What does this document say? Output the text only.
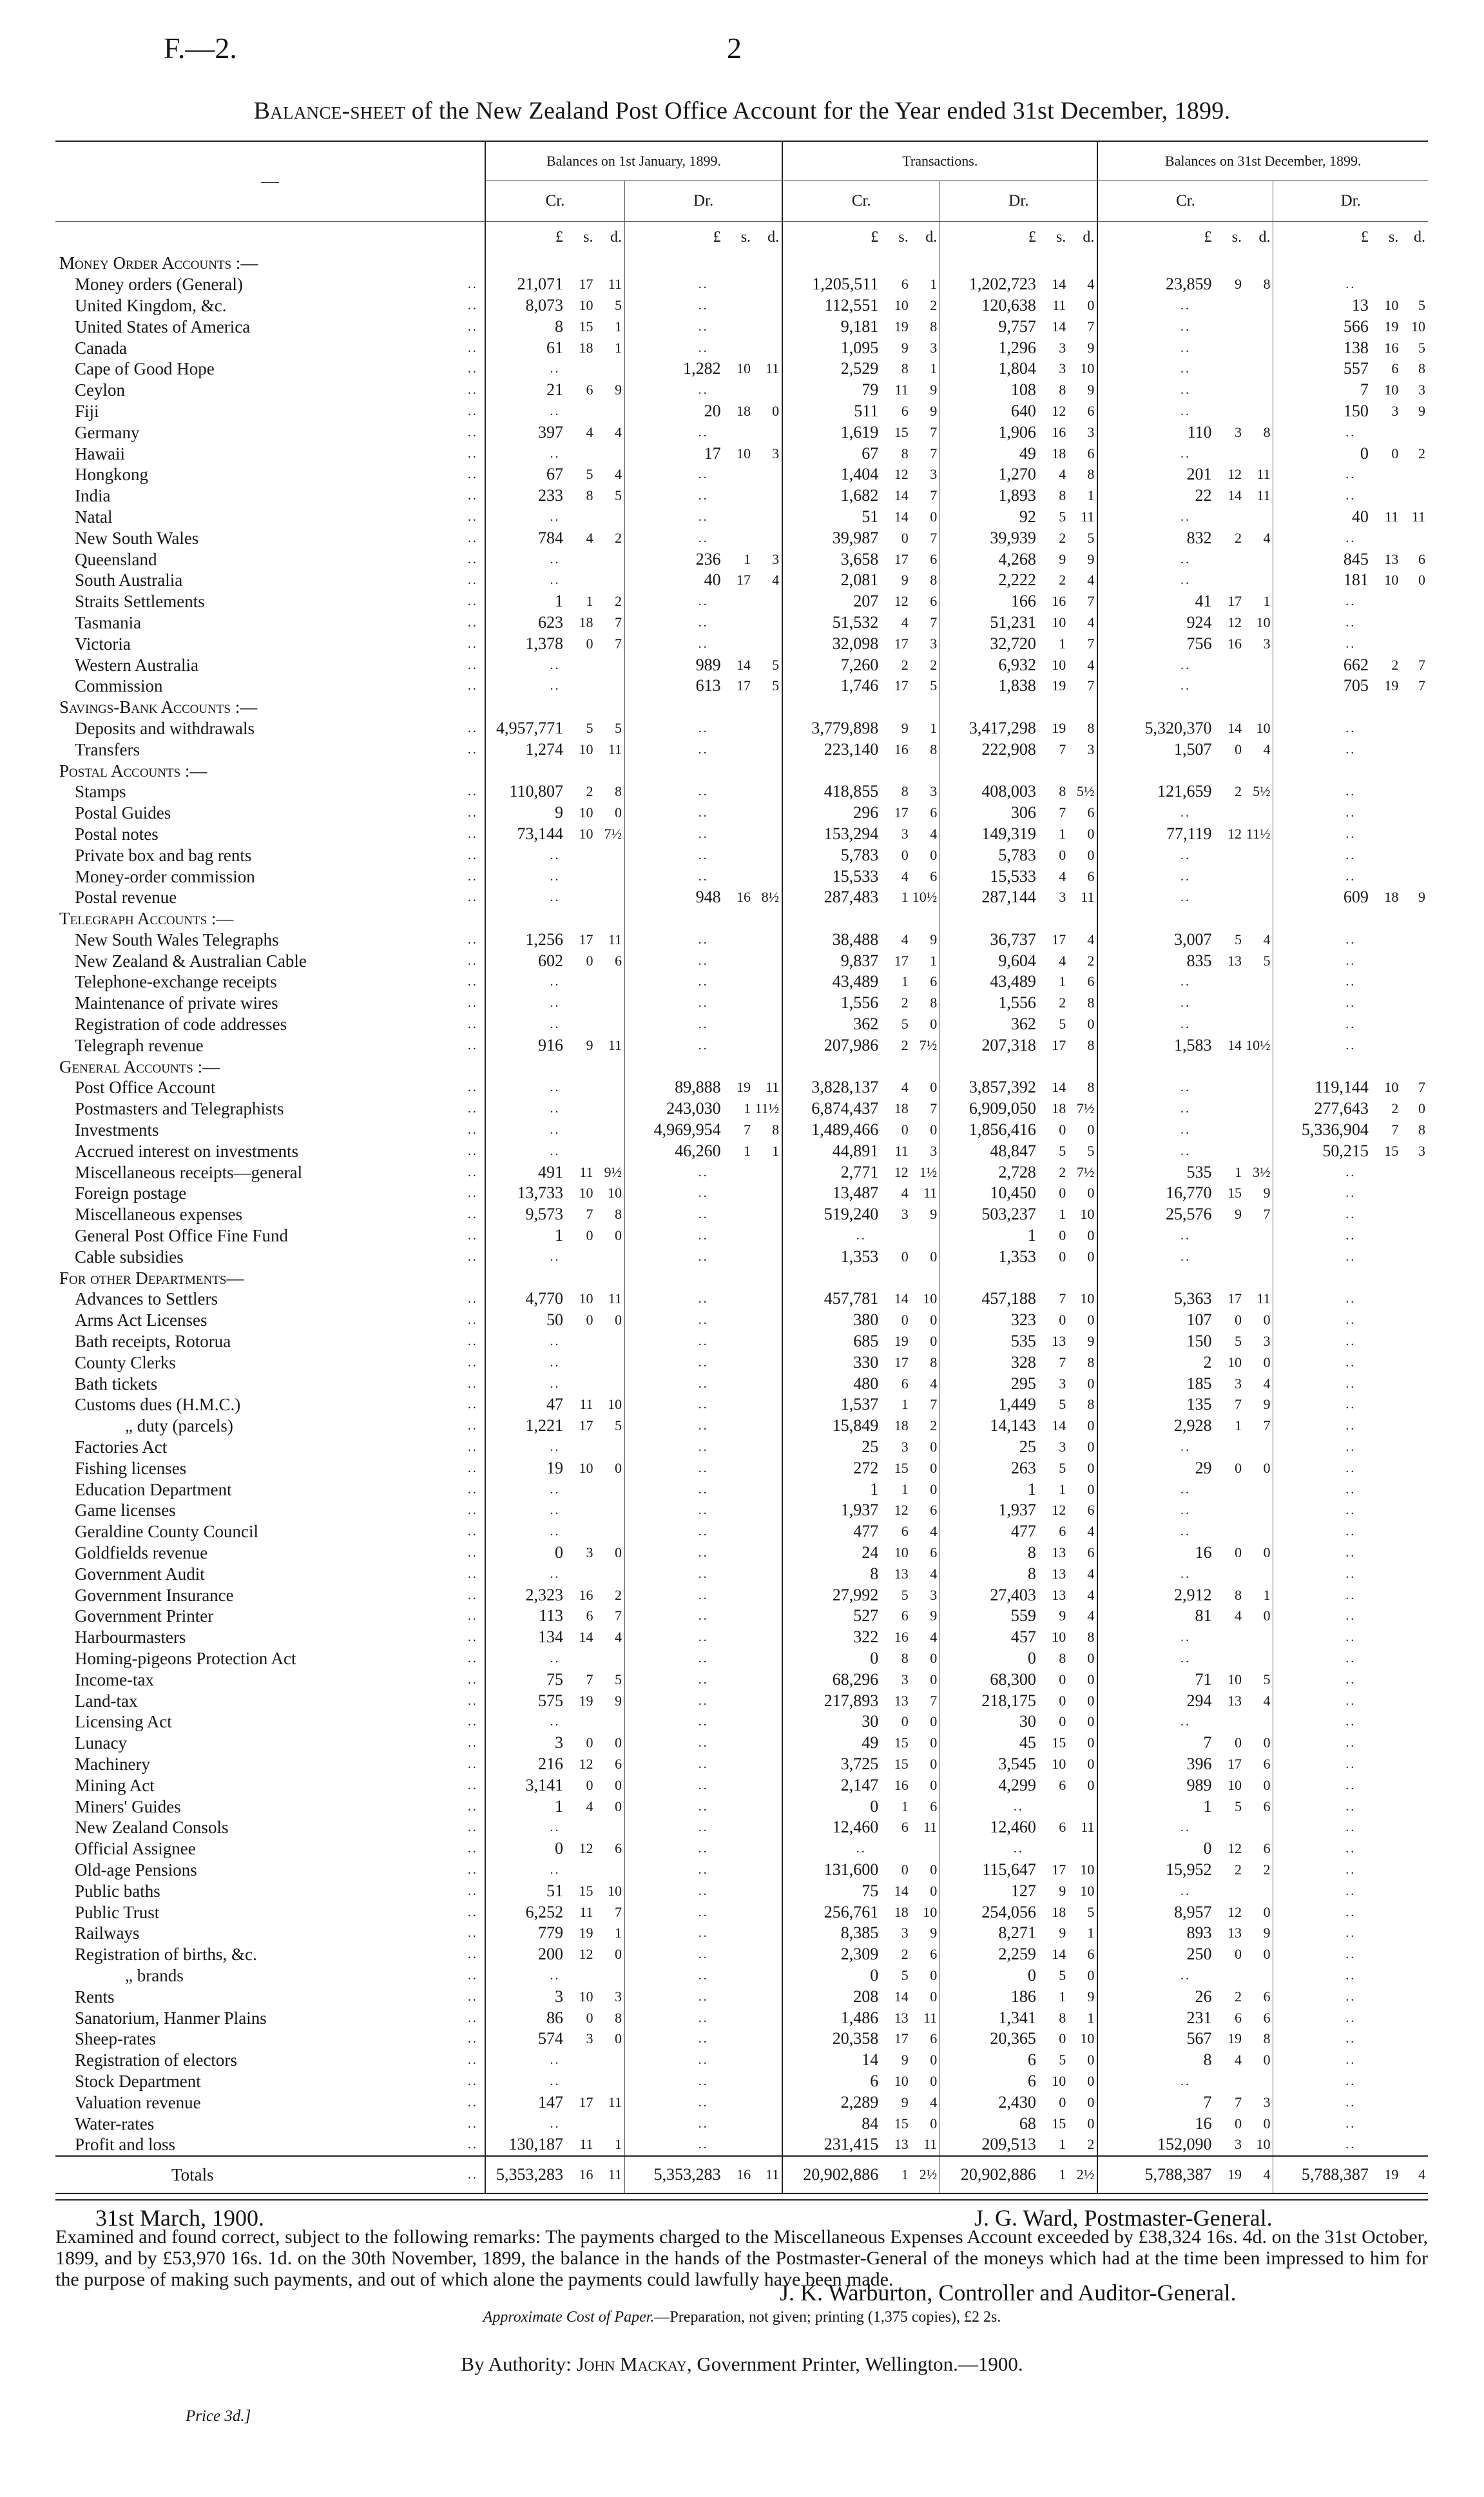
F.—2.	2
Balance-sheet of the New Zealand Post Office Account for the Year ended 31st December, 1899.
—		Balances on 1st January, 1899.						Transactions.						Balances on 31st December, 1899.					
		Cr.			Dr.			Cr.			Dr.			Cr.			Dr.		
		£	s.	d.	£	s.	d.	£	s.	d.	£	s.	d.	£	s.	d.	£	s.	d.
Money Order Accounts :—																			
Money orders (General)	..	21,071	17	11	..			1,205,511	6	1	1,202,723	14	4	23,859	9	8	..		
United Kingdom, &c.	..	8,073	10	5	..			112,551	10	2	120,638	11	0	..			13	10	5
United States of America	..	8	15	1	..			9,181	19	8	9,757	14	7	..			566	19	10
Canada	..	61	18	1	..			1,095	9	3	1,296	3	9	..			138	16	5
Cape of Good Hope	..	..			1,282	10	11	2,529	8	1	1,804	3	10	..			557	6	8
Ceylon	..	21	6	9	..			79	11	9	108	8	9	..			7	10	3
Fiji	..	..			20	18	0	511	6	9	640	12	6	..			150	3	9
Germany	..	397	4	4	..			1,619	15	7	1,906	16	3	110	3	8	..		
Hawaii	..	..			17	10	3	67	8	7	49	18	6	..			0	0	2
Hongkong	..	67	5	4	..			1,404	12	3	1,270	4	8	201	12	11	..		
India	..	233	8	5	..			1,682	14	7	1,893	8	1	22	14	11	..		
Natal	..	..			..			51	14	0	92	5	11	..			40	11	11
New South Wales	..	784	4	2	..			39,987	0	7	39,939	2	5	832	2	4	..		
Queensland	..	..			236	1	3	3,658	17	6	4,268	9	9	..			845	13	6
South Australia	..	..			40	17	4	2,081	9	8	2,222	2	4	..			181	10	0
Straits Settlements	..	1	1	2	..			207	12	6	166	16	7	41	17	1	..		
Tasmania	..	623	18	7	..			51,532	4	7	51,231	10	4	924	12	10	..		
Victoria	..	1,378	0	7	..			32,098	17	3	32,720	1	7	756	16	3	..		
Western Australia	..	..			989	14	5	7,260	2	2	6,932	10	4	..			662	2	7
Commission	..	..			613	17	5	1,746	17	5	1,838	19	7	..			705	19	7
Savings-Bank Accounts :—																			
Deposits and withdrawals	..	4,957,771	5	5	..			3,779,898	9	1	3,417,298	19	8	5,320,370	14	10	..		
Transfers	..	1,274	10	11	..			223,140	16	8	222,908	7	3	1,507	0	4	..		
Postal Accounts :—																			
Stamps	..	110,807	2	8	..			418,855	8	3	408,003	8	5½	121,659	2	5½	..		
Postal Guides	..	9	10	0	..			296	17	6	306	7	6	..			..		
Postal notes	..	73,144	10	7½	..			153,294	3	4	149,319	1	0	77,119	12	11½	..		
Private box and bag rents	..	..			..			5,783	0	0	5,783	0	0	..			..		
Money-order commission	..	..			..			15,533	4	6	15,533	4	6	..			..		
Postal revenue	..	..			948	16	8½	287,483	1	10½	287,144	3	11	..			609	18	9
Telegraph Accounts :—																			
New South Wales Telegraphs	..	1,256	17	11	..			38,488	4	9	36,737	17	4	3,007	5	4	..		
New Zealand & Australian Cable	..	602	0	6	..			9,837	17	1	9,604	4	2	835	13	5	..		
Telephone-exchange receipts	..	..			..			43,489	1	6	43,489	1	6	..			..		
Maintenance of private wires	..	..			..			1,556	2	8	1,556	2	8	..			..		
Registration of code addresses	..	..			..			362	5	0	362	5	0	..			..		
Telegraph revenue	..	916	9	11	..			207,986	2	7½	207,318	17	8	1,583	14	10½	..		
General Accounts :—																			
Post Office Account	..	..			89,888	19	11	3,828,137	4	0	3,857,392	14	8	..			119,144	10	7
Postmasters and Telegraphists	..	..			243,030	1	11½	6,874,437	18	7	6,909,050	18	7½	..			277,643	2	0
Investments	..	..			4,969,954	7	8	1,489,466	0	0	1,856,416	0	0	..			5,336,904	7	8
Accrued interest on investments	..	..			46,260	1	1	44,891	11	3	48,847	5	5	..			50,215	15	3
Miscellaneous receipts—general	..	491	11	9½	..			2,771	12	1½	2,728	2	7½	535	1	3½	..		
Foreign postage	..	13,733	10	10	..			13,487	4	11	10,450	0	0	16,770	15	9	..		
Miscellaneous expenses	..	9,573	7	8	..			519,240	3	9	503,237	1	10	25,576	9	7	..		
General Post Office Fine Fund	..	1	0	0	..			..			1	0	0	..			..		
Cable subsidies	..	..			..			1,353	0	0	1,353	0	0	..			..		
For other Departments—																			
Advances to Settlers	..	4,770	10	11	..			457,781	14	10	457,188	7	10	5,363	17	11	..		
Arms Act Licenses	..	50	0	0	..			380	0	0	323	0	0	107	0	0	..		
Bath receipts, Rotorua	..	..			..			685	19	0	535	13	9	150	5	3	..		
County Clerks	..	..			..			330	17	8	328	7	8	2	10	0	..		
Bath tickets	..	..			..			480	6	4	295	3	0	185	3	4	..		
Customs dues (H.M.C.)	..	47	11	10	..			1,537	1	7	1,449	5	8	135	7	9	..		
„ duty (parcels)	..	1,221	17	5	..			15,849	18	2	14,143	14	0	2,928	1	7	..		
Factories Act	..	..			..			25	3	0	25	3	0	..			..		
Fishing licenses	..	19	10	0	..			272	15	0	263	5	0	29	0	0	..		
Education Department	..	..			..			1	1	0	1	1	0	..			..		
Game licenses	..	..			..			1,937	12	6	1,937	12	6	..			..		
Geraldine County Council	..	..			..			477	6	4	477	6	4	..			..		
Goldfields revenue	..	0	3	0	..			24	10	6	8	13	6	16	0	0	..		
Government Audit	..	..			..			8	13	4	8	13	4	..			..		
Government Insurance	..	2,323	16	2	..			27,992	5	3	27,403	13	4	2,912	8	1	..		
Government Printer	..	113	6	7	..			527	6	9	559	9	4	81	4	0	..		
Harbourmasters	..	134	14	4	..			322	16	4	457	10	8	..			..		
Homing-pigeons Protection Act	..	..			..			0	8	0	0	8	0	..			..		
Income-tax	..	75	7	5	..			68,296	3	0	68,300	0	0	71	10	5	..		
Land-tax	..	575	19	9	..			217,893	13	7	218,175	0	0	294	13	4	..		
Licensing Act	..	..			..			30	0	0	30	0	0	..			..		
Lunacy	..	3	0	0	..			49	15	0	45	15	0	7	0	0	..		
Machinery	..	216	12	6	..			3,725	15	0	3,545	10	0	396	17	6	..		
Mining Act	..	3,141	0	0	..			2,147	16	0	4,299	6	0	989	10	0	..		
Miners' Guides	..	1	4	0	..			0	1	6	..			1	5	6	..		
New Zealand Consols	..	..			..			12,460	6	11	12,460	6	11	..			..		
Official Assignee	..	0	12	6	..			..			..			0	12	6	..		
Old-age Pensions	..	..			..			131,600	0	0	115,647	17	10	15,952	2	2	..		
Public baths	..	51	15	10	..			75	14	0	127	9	10	..			..		
Public Trust	..	6,252	11	7	..			256,761	18	10	254,056	18	5	8,957	12	0	..		
Railways	..	779	19	1	..			8,385	3	9	8,271	9	1	893	13	9	..		
Registration of births, &c.	..	200	12	0	..			2,309	2	6	2,259	14	6	250	0	0	..		
„ brands	..	..			..			0	5	0	0	5	0	..			..		
Rents	..	3	10	3	..			208	14	0	186	1	9	26	2	6	..		
Sanatorium, Hanmer Plains	..	86	0	8	..			1,486	13	11	1,341	8	1	231	6	6	..		
Sheep-rates	..	574	3	0	..			20,358	17	6	20,365	0	10	567	19	8	..		
Registration of electors	..	..			..			14	9	0	6	5	0	8	4	0	..		
Stock Department	..	..			..			6	10	0	6	10	0	..			..		
Valuation revenue	..	147	17	11	..			2,289	9	4	2,430	0	0	7	7	3	..		
Water-rates	..	..			..			84	15	0	68	15	0	16	0	0	..		
Profit and loss	..	130,187	11	1	..			231,415	13	11	209,513	1	2	152,090	3	10	..		
Totals	..	5,353,283	16	11	5,353,283	16	11	20,902,886	1	2½	20,902,886	1	2½	5,788,387	19	4	5,788,387	19	4
31st March, 1900.	J. G. Ward, Postmaster-General.
Examined and found correct, subject to the following remarks: The payments charged to the Miscellaneous Expenses Account exceeded by £38,324 16s. 4d. on the 31st October, 1899, and by £53,970 16s. 1d. on the 30th November, 1899, the balance in the hands of the Postmaster-General of the moneys which had at the time been impressed to him for the purpose of making such payments, and out of which alone the payments could lawfully have been made.
J. K. Warburton, Controller and Auditor-General.
Approximate Cost of Paper.—Preparation, not given; printing (1,375 copies), £2 2s.
By Authority: John Mackay, Government Printer, Wellington.—1900.
Price 3d.]
